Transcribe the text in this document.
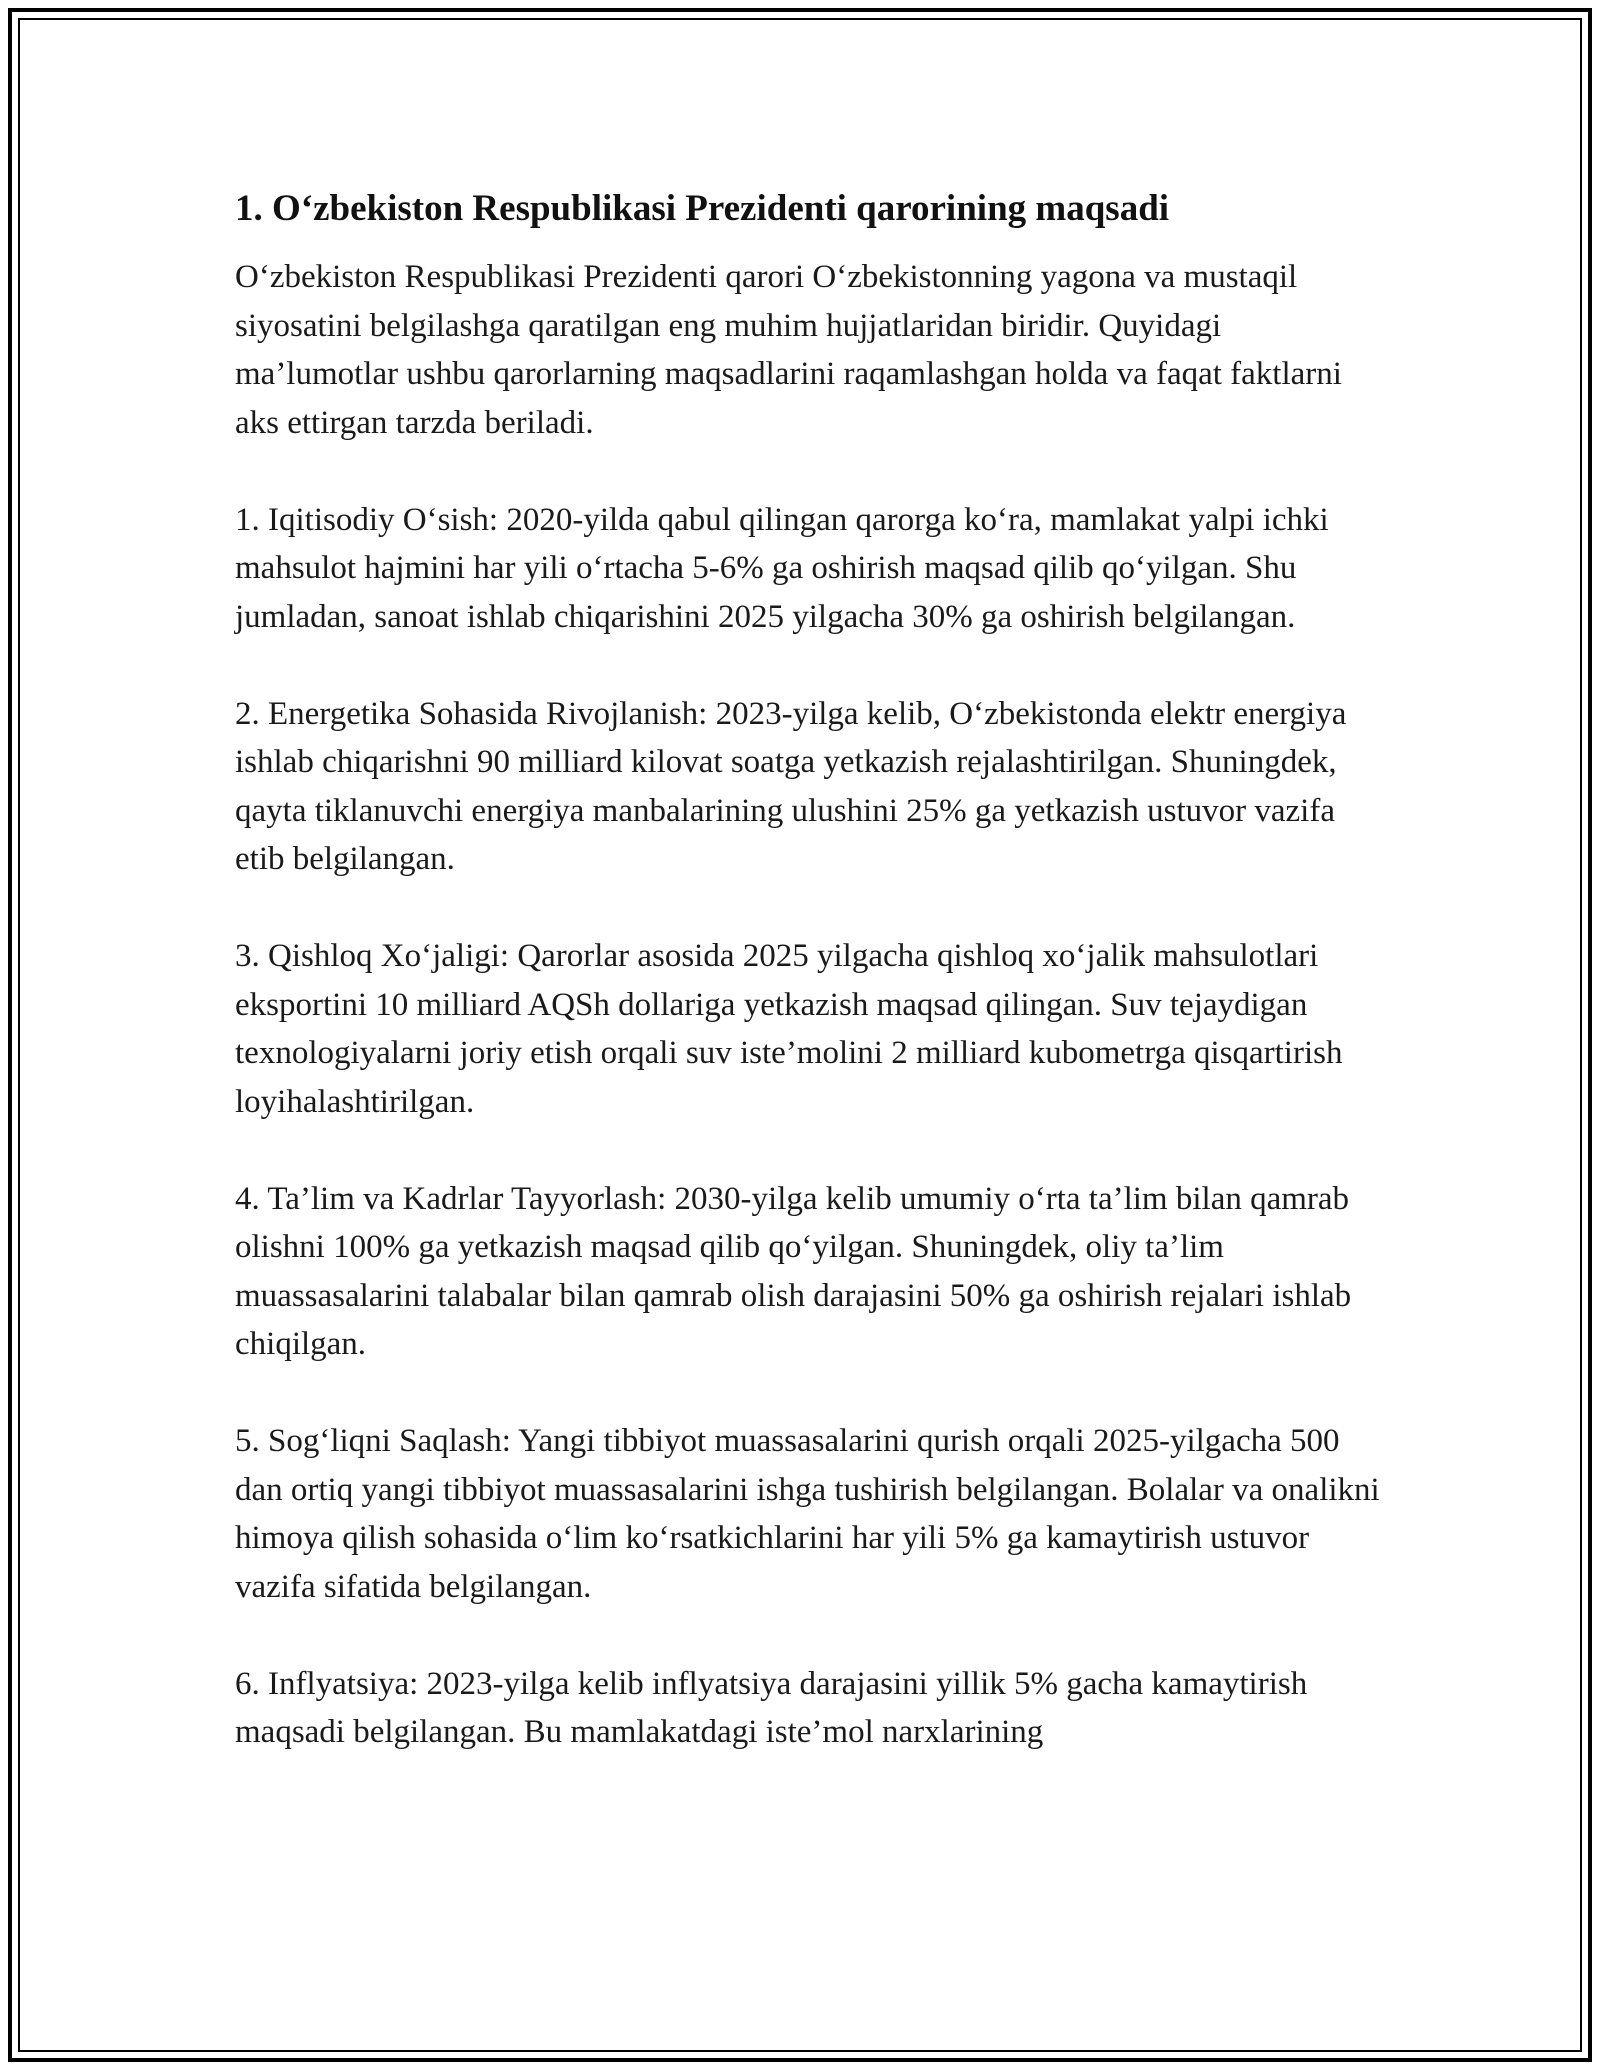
1. O‘zbekiston Respublikasi Prezidenti qarorining maqsadi

O‘zbekiston Respublikasi Prezidenti qarori O‘zbekistonning yagona va mustaqil siyosatini belgilashga qaratilgan eng muhim hujjatlaridan biridir. Quyidagi ma’lumotlar ushbu qarorlarning maqsadlarini raqamlashgan holda va faqat faktlarni aks ettirgan tarzda beriladi.

1. Iqitisodiy O‘sish: 2020-yilda qabul qilingan qarorga ko‘ra, mamlakat yalpi ichki mahsulot hajmini har yili o‘rtacha 5-6% ga oshirish maqsad qilib qo‘yilgan. Shu jumladan, sanoat ishlab chiqarishini 2025 yilgacha 30% ga oshirish belgilangan.

2. Energetika Sohasida Rivojlanish: 2023-yilga kelib, O‘zbekistonda elektr energiya ishlab chiqarishni 90 milliard kilovat soatga yetkazish rejalashtirilgan. Shuningdek, qayta tiklanuvchi energiya manbalarining ulushini 25% ga yetkazish ustuvor vazifa etib belgilangan.

3. Qishloq Xo‘jaligi: Qarorlar asosida 2025 yilgacha qishloq xo‘jalik mahsulotlari eksportini 10 milliard AQSh dollariga yetkazish maqsad qilingan. Suv tejaydigan texnologiyalarni joriy etish orqali suv iste’molini 2 milliard kubometrga qisqartirish loyihalashtirilgan.

4. Ta’lim va Kadrlar Tayyorlash: 2030-yilga kelib umumiy o‘rta ta’lim bilan qamrab olishni 100% ga yetkazish maqsad qilib qo‘yilgan. Shuningdek, oliy ta’lim muassasalarini talabalar bilan qamrab olish darajasini 50% ga oshirish rejalari ishlab chiqilgan.

5. Sog‘liqni Saqlash: Yangi tibbiyot muassasalarini qurish orqali 2025-yilgacha 500 dan ortiq yangi tibbiyot muassasalarini ishga tushirish belgilangan. Bolalar va onalikni himoya qilish sohasida o‘lim ko‘rsatkichlarini har yili 5% ga kamaytirish ustuvor vazifa sifatida belgilangan.

6. Inflyatsiya: 2023-yilga kelib inflyatsiya darajasini yillik 5% gacha kamaytirish maqsadi belgilangan. Bu mamlakatdagi iste’mol narxlarining
